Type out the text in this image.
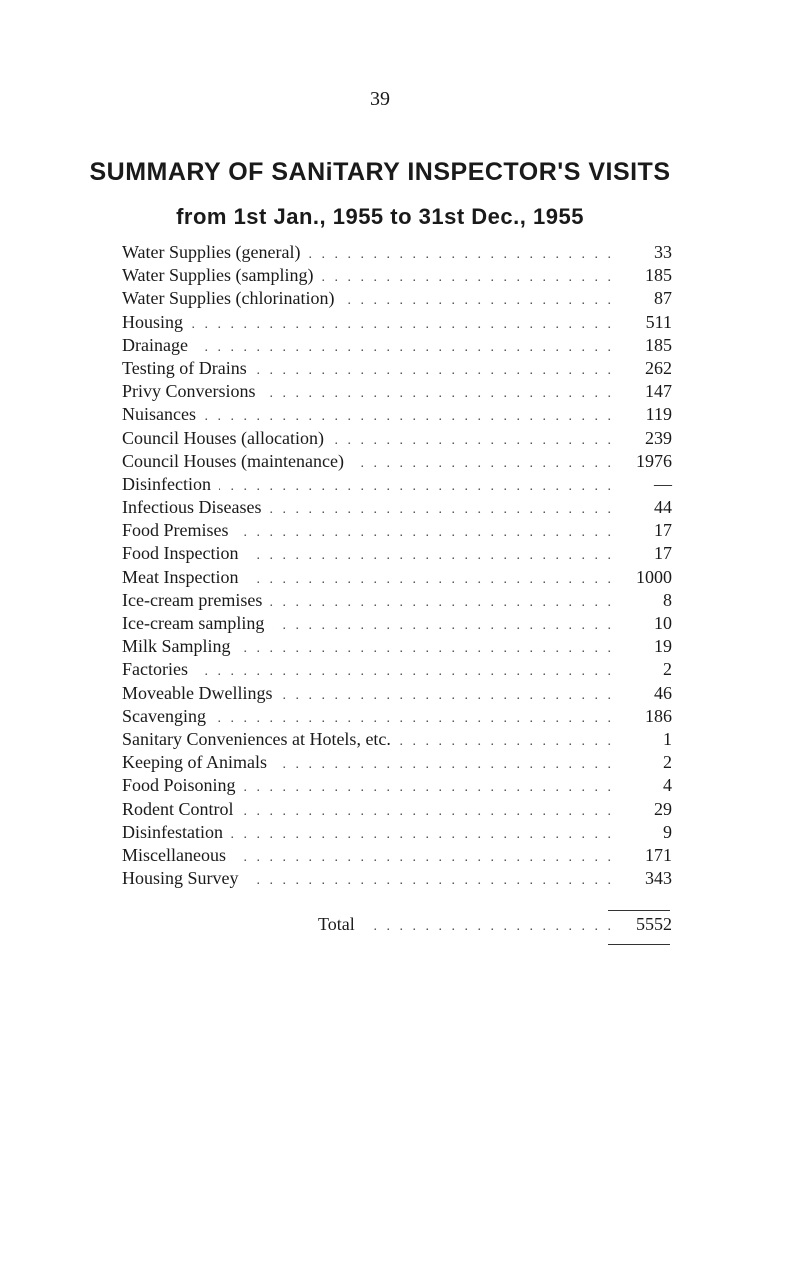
39
SUMMARY OF SANiTARY INSPECTOR'S VISITS
from 1st Jan., 1955 to 31st Dec., 1955
Water Supplies (general) . . .	33
Water Supplies (sampling) . . .	185
Water Supplies (chlorination) . . .	87
Housing . . .	511
Drainage . . .	185
Testing of Drains . . .	262
Privy Conversions . . .	147
Nuisances . . .	119
Council Houses (allocation) . . .	239
Council Houses (maintenance) . . .	1976
Disinfection . . .	—
Infectious Diseases . . .	44
Food Premises . . .	17
Food Inspection . . .	17
Meat Inspection . . .	1000
Ice-cream premises . . .	8
Ice-cream sampling . . .	10
Milk Sampling . . .	19
Factories . . .	2
Moveable Dwellings . . .	46
Scavenging . . .	186
Sanitary Conveniences at Hotels, etc. . . .	1
Keeping of Animals . . .	2
Food Poisoning . . .	4
Rodent Control . . .	29
Disinfestation . . .	9
Miscellaneous . . .	171
Housing Survey . . .	343
Total . . .	5552
